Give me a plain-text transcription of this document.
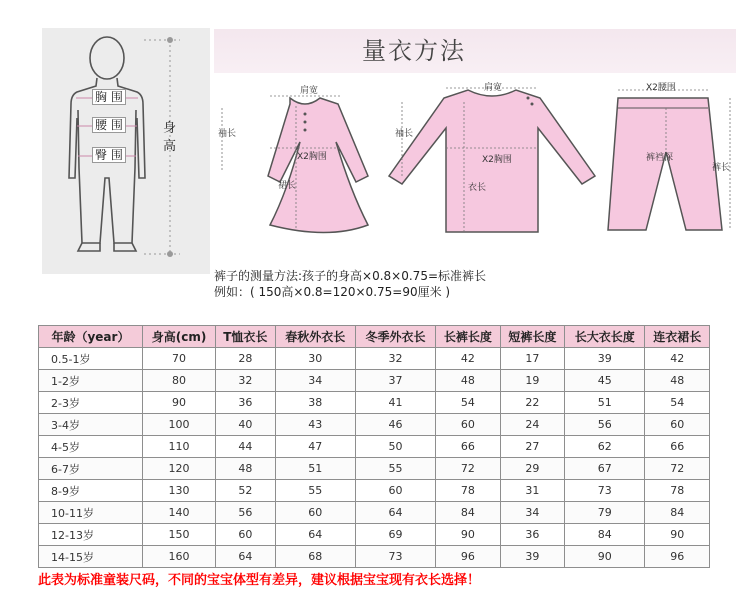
胸 围
腰 围
臀 围
身高
量衣方法
肩宽
袖长
X2胸围
裙长
肩宽
袖长
X2胸围
衣长
X2腰围
裤裆深
裤长
裤子的测量方法:孩子的身高×0.8×0.75=标准裤长
例如：( 150高×0.8=120×0.75=90厘米 )
年龄（year）	身高(cm)	T恤衣长	春秋外衣长	冬季外衣长	长裤长度	短裤长度	长大衣长度	连衣裙长
0.5-1岁	70	28	30	32	42	17	39	42
1-2岁	80	32	34	37	48	19	45	48
2-3岁	90	36	38	41	54	22	51	54
3-4岁	100	40	43	46	60	24	56	60
4-5岁	110	44	47	50	66	27	62	66
6-7岁	120	48	51	55	72	29	67	72
8-9岁	130	52	55	60	78	31	73	78
10-11岁	140	56	60	64	84	34	79	84
12-13岁	150	60	64	69	90	36	84	90
14-15岁	160	64	68	73	96	39	90	96
此表为标准童装尺码，不同的宝宝体型有差异，建议根据宝宝现有衣长选择！
